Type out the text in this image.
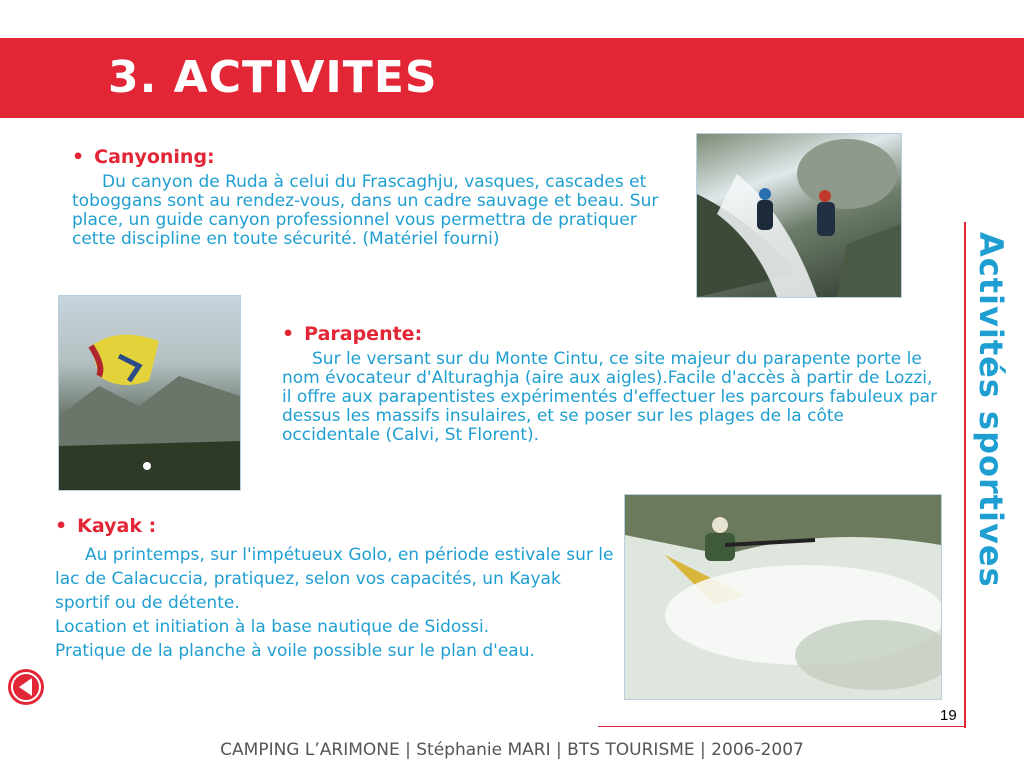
3. ACTIVITES
• Canyoning:
Du canyon de Ruda à celui du Frascaghju, vasques, cascades et toboggans sont au rendez-vous, dans un cadre sauvage et beau. Sur place, un guide canyon professionnel vous permettra de pratiquer cette discipline en toute sécurité. (Matériel fourni)
• Parapente:
Sur le versant sur du Monte Cintu, ce site majeur du parapente porte le nom évocateur d'Alturaghja (aire aux aigles).Facile d'accès à partir de Lozzi, il offre aux parapentistes expérimentés d'effectuer les parcours fabuleux par dessus les massifs insulaires, et se poser sur les plages de la côte occidentale (Calvi, St Florent).
• Kayak :
Au printemps, sur l'impétueux Golo, en période estivale sur le lac de Calacuccia, pratiquez, selon vos capacités, un Kayak sportif ou de détente.
Location et initiation à la base nautique de Sidossi.
Pratique de la planche à voile possible sur le plan d'eau.
Activités sportives
19
CAMPING L’ARIMONE | Stéphanie MARI | BTS TOURISME | 2006-2007
